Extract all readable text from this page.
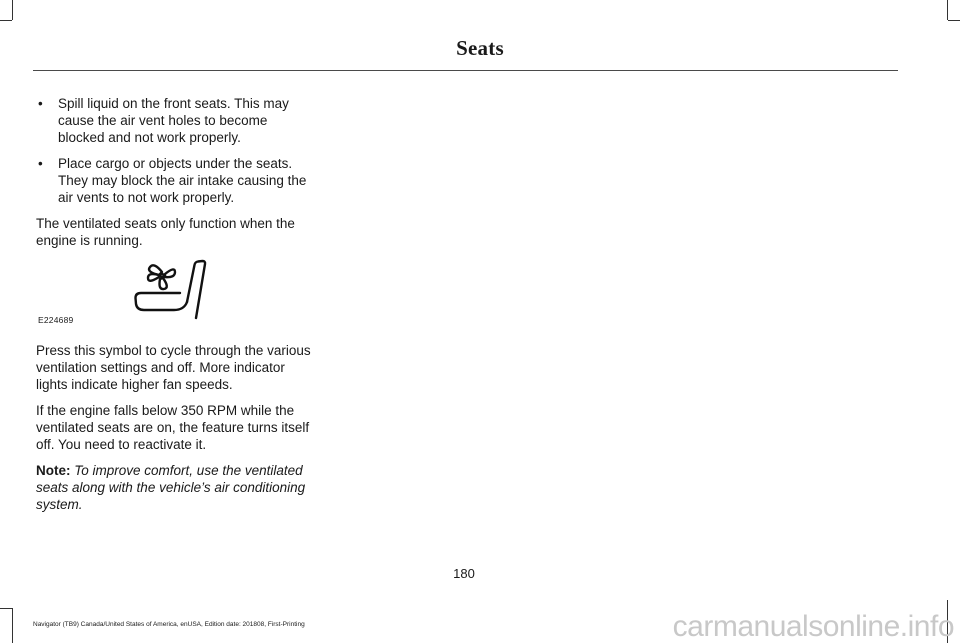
Seats
• Spill liquid on the front seats. This may cause the air vent holes to become blocked and not work properly.
• Place cargo or objects under the seats. They may block the air intake causing the air vents to not work properly.

The ventilated seats only function when the engine is running.

E224689

Press this symbol to cycle through the various ventilation settings and off. More indicator lights indicate higher fan speeds.

If the engine falls below 350 RPM while the ventilated seats are on, the feature turns itself off. You need to reactivate it.

Note: To improve comfort, use the ventilated seats along with the vehicle’s air conditioning system.

180
Navigator (TB9) Canada/United States of America, enUSA, Edition date: 201808, First-Printing	carmanualsonline.info
